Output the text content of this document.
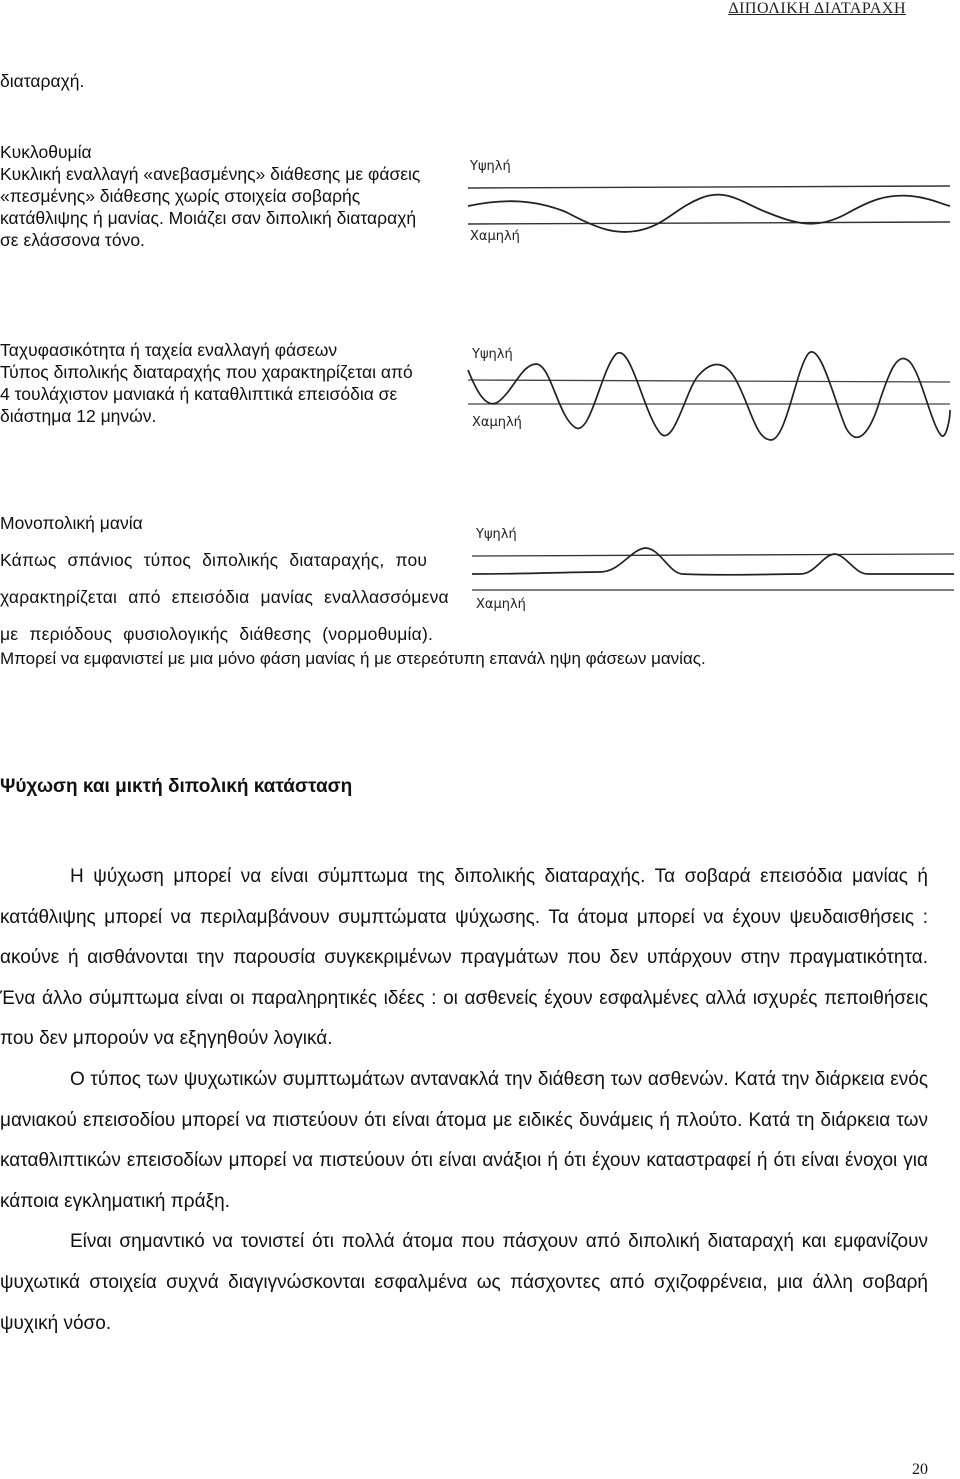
ΔΙΠΟΛΙΚΗ ΔΙΑΤΑΡΑΧΗ

διαταραχή.

Κυκλοθυμία

Κυκλική εναλλαγή «ανεβασμένης» διάθεσης με φάσεις

«πεσμένης» διάθεσης χωρίς στοιχεία σοβαρής

κατάθλιψης ή μανίας. Μοιάζει σαν διπολική διαταραχή

σε ελάσσονα τόνο.

Υψηλή
Χαμηλή

Ταχυφασικότητα ή ταχεία εναλλαγή φάσεων

Τύπος διπολικής διαταραχής που χαρακτηρίζεται από

4 τουλάχιστον μανιακά ή καταθλιπτικά επεισόδια σε

διάστημα 12 μηνών.

Υψηλή
Χαμηλή

Μονοπολική μανία

Κάπως σπάνιος τύπος διπολικής διαταραχής, που

χαρακτηρίζεται από επεισόδια μανίας εναλλασσόμενα

με περιόδους φυσιολογικής διάθεσης (νορμοθυμία).

Μπορεί να εμφανιστεί με μια μόνο φάση μανίας ή με στερεότυπη επανάλ ηψη φάσεων μανίας.

Υψηλή
Χαμηλή
Ψύχωση και μικτή διπολική κατάσταση

Η ψύχωση μπορεί να είναι σύμπτωμα της διπολικής διαταραχής. Τα σοβαρά επεισόδια μανίας ή κατάθλιψης μπορεί να περιλαμβάνουν συμπτώματα ψύχωσης. Τα άτομα μπορεί να έχουν ψευδαισθήσεις : ακούνε ή αισθάνονται την παρουσία συγκεκριμένων πραγμάτων που δεν υπάρχουν στην πραγματικότητα. Ένα άλλο σύμπτωμα είναι οι παραληρητικές ιδέες : οι ασθενείς έχουν εσφαλμένες αλλά ισχυρές πεποιθήσεις που δεν μπορούν να εξηγηθούν λογικά.

Ο τύπος των ψυχωτικών συμπτωμάτων αντανακλά την διάθεση των ασθενών. Κατά την διάρκεια ενός μανιακού επεισοδίου μπορεί να πιστεύουν ότι είναι άτομα με ειδικές δυνάμεις ή πλούτο. Κατά τη διάρκεια των καταθλιπτικών επεισοδίων μπορεί να πιστεύουν ότι είναι ανάξιοι ή ότι έχουν καταστραφεί ή ότι είναι ένοχοι για κάποια εγκληματική πράξη.

Είναι σημαντικό να τονιστεί ότι πολλά άτομα που πάσχουν από διπολική διαταραχή και εμφανίζουν ψυχωτικά στοιχεία συχνά διαγιγνώσκονται εσφαλμένα ως πάσχοντες από σχιζοφρένεια, μια άλλη σοβαρή ψυχική νόσο.

20
